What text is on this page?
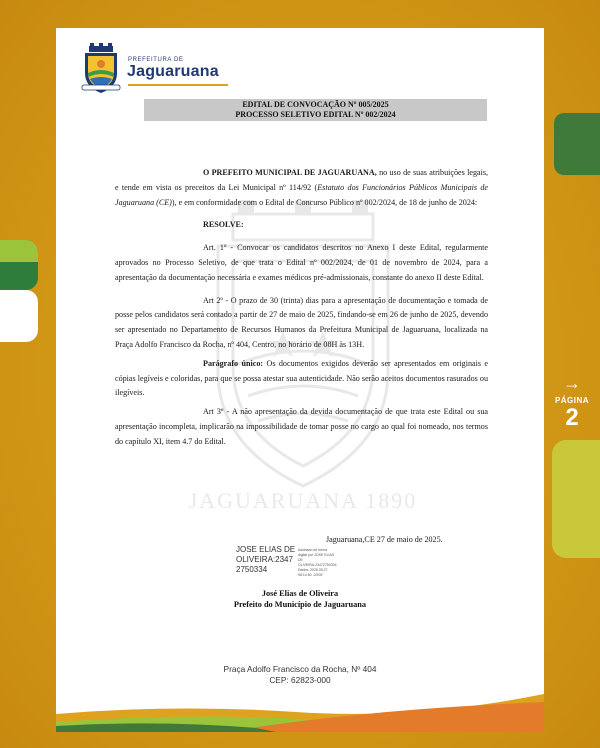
→
PÁGINA
2
PREFEITURA DE
Jaguaruana
EDITAL DE CONVOCAÇÃO Nº 005/2025
PROCESSO SELETIVO EDITAL Nº 002/2024
JAGUARUANA 1890

O PREFEITO MUNICIPAL DE JAGUARUANA, no uso de suas atribuições legais, e tende em vista os preceitos da Lei Municipal nº 114/92 (Estatuto dos Funcionários Públicos Municipais de Jaguaruana (CE)), e em conformidade com o Edital de Concurso Público nº 002/2024, de 18 de junho de 2024:

RESOLVE:

Art. 1º - Convocar os candidatos descritos no Anexo I deste Edital, regularmente aprovados no Processo Seletivo, de que trata o Edital nº 002/2024, de 01 de novembro de 2024, para a apresentação da documentação necessária e exames médicos pré-admissionais, constante do anexo II deste Edital.

Art 2º - O prazo de 30 (trinta) dias para a apresentação de documentação e tomada de posse pelos candidatos será contado a partir de 27 de maio de 2025, findando-se em 26 de junho de 2025, devendo ser apresentado no Departamento de Recursos Humanos da Prefeitura Municipal de Jaguaruana, localizada na Praça Adolfo Francisco da Rocha, nº 404, Centro, no horário de 08H às 13H.

Parágrafo único: Os documentos exigidos deverão ser apresentados em originais e cópias legíveis e coloridas, para que se possa atestar sua autenticidade. Não serão aceitos documentos rasurados ou ilegíveis.

Art 3º - A não apresentação da devida documentação de que trata este Edital ou sua apresentação incompleta, implicarão na impossibilidade de tomar posse no cargo ao qual foi nomeado, nos termos do capítulo XI, item 4.7 do Edital.

Jaguaruana,CE 27 de maio de 2025.
JOSE ELIAS DE
OLIVEIRA:2347
2750334
Assinado de forma
digital por JOSE ELIAS
DE
OLIVEIRA:23472750334
Dados: 2025.05.27
08:14:50 -03'00'
José Elias de Oliveira
Prefeito do Município de Jaguaruana
Praça Adolfo Francisco da Rocha, Nº 404
CEP: 62823-000
